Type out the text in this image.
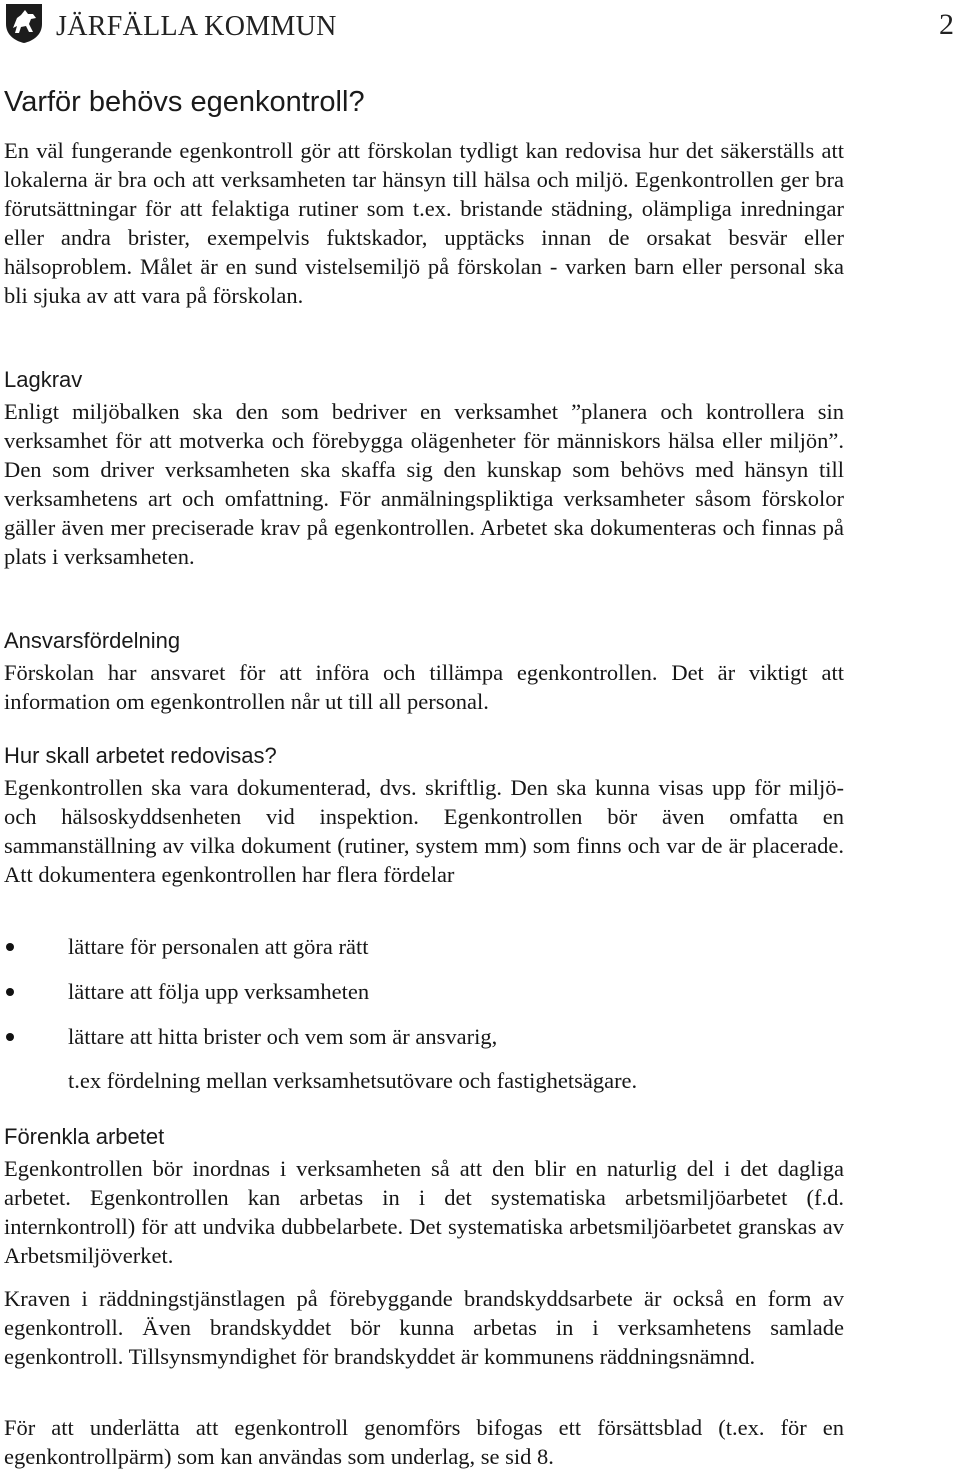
JÄRFÄLLA KOMMUN	2
Varför behövs egenkontroll?
En väl fungerande egenkontroll gör att förskolan tydligt kan redovisa hur det säkerställs att lokalerna är bra och att verksamheten tar hänsyn till hälsa och miljö. Egenkontrollen ger bra förutsättningar för att felaktiga rutiner som t.ex. bristande städning, olämpliga inredningar eller andra brister, exempelvis fuktskador, upptäcks innan de orsakat besvär eller hälsoproblem. Målet är en sund vistelsemiljö på förskolan - varken barn eller personal ska bli sjuka av att vara på förskolan.
Lagkrav
Enligt miljöbalken ska den som bedriver en verksamhet ”planera och kontrollera sin verksamhet för att motverka och förebygga olägenheter för människors hälsa eller miljön”. Den som driver verksamheten ska skaffa sig den kunskap som behövs med hänsyn till verksamhetens art och omfattning. För anmälningspliktiga verksamheter såsom förskolor gäller även mer preciserade krav på egenkontrollen. Arbetet ska dokumenteras och finnas på plats i verksamheten.
Ansvarsfördelning
Förskolan har ansvaret för att införa och tillämpa egenkontrollen. Det är viktigt att information om egenkontrollen når ut till all personal.
Hur skall arbetet redovisas?
Egenkontrollen ska vara dokumenterad, dvs. skriftlig. Den ska kunna visas upp för miljö- och hälsoskyddsenheten vid inspektion. Egenkontrollen bör även omfatta en sammanställning av vilka dokument (rutiner, system mm) som finns och var de är placerade. Att dokumentera egenkontrollen har flera fördelar
lättare för personalen att göra rätt
lättare att följa upp verksamheten
lättare att hitta brister och vem som är ansvarig,
t.ex fördelning mellan verksamhetsutövare och fastighetsägare.
Förenkla arbetet
Egenkontrollen bör inordnas i verksamheten så att den blir en naturlig del i det dagliga arbetet. Egenkontrollen kan arbetas in i det systematiska arbetsmiljöarbetet (f.d. internkontroll) för att undvika dubbelarbete. Det systematiska arbetsmiljöarbetet granskas av Arbetsmiljöverket.
Kraven i räddningstjänstlagen på förebyggande brandskyddsarbete är också en form av egenkontroll. Även brandskyddet bör kunna arbetas in i verksamhetens samlade egenkontroll. Tillsynsmyndighet för brandskyddet är kommunens räddningsnämnd.
För att underlätta att egenkontroll genomförs bifogas ett försättsblad (t.ex. för en egenkontrollpärm) som kan användas som underlag, se sid 8.
